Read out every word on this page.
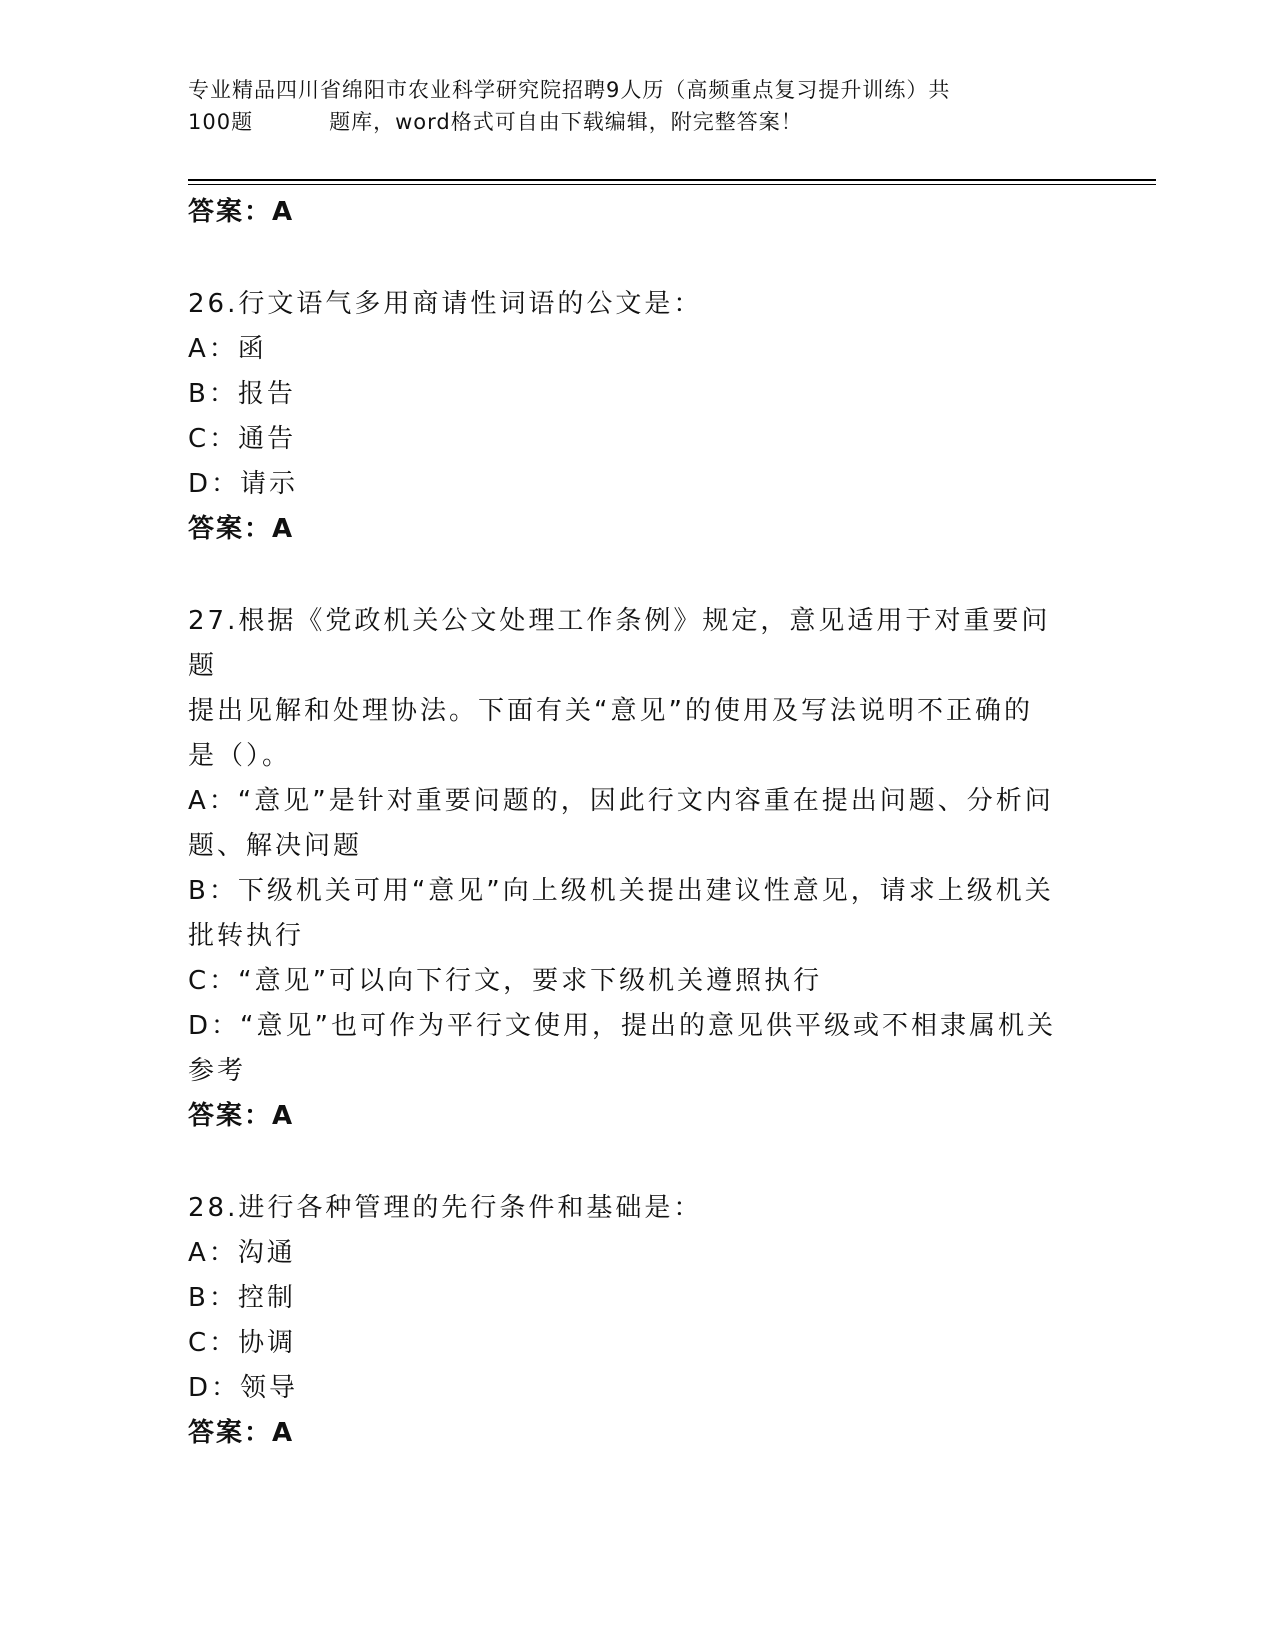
专业精品四川省绵阳市农业科学研究院招聘9人历（高频重点复习提升训练）共
100题	题库，word格式可自由下载编辑，附完整答案！

答案：A

26.行文语气多用商请性词语的公文是：

A：函

B：报告

C：通告

D：请示

答案：A

27.根据《党政机关公文处理工作条例》规定，意见适用于对重要问题

提出见解和处理协法。下面有关“意见”的使用及写法说明不正确的

是（）。

A：“意见”是针对重要问题的，因此行文内容重在提出问题、分析问

题、解决问题

B：下级机关可用“意见”向上级机关提出建议性意见，请求上级机关

批转执行

C：“意见”可以向下行文，要求下级机关遵照执行

D：“意见”也可作为平行文使用，提出的意见供平级或不相隶属机关

参考

答案：A

28.进行各种管理的先行条件和基础是：

A：沟通

B：控制

C：协调

D：领导

答案：A
